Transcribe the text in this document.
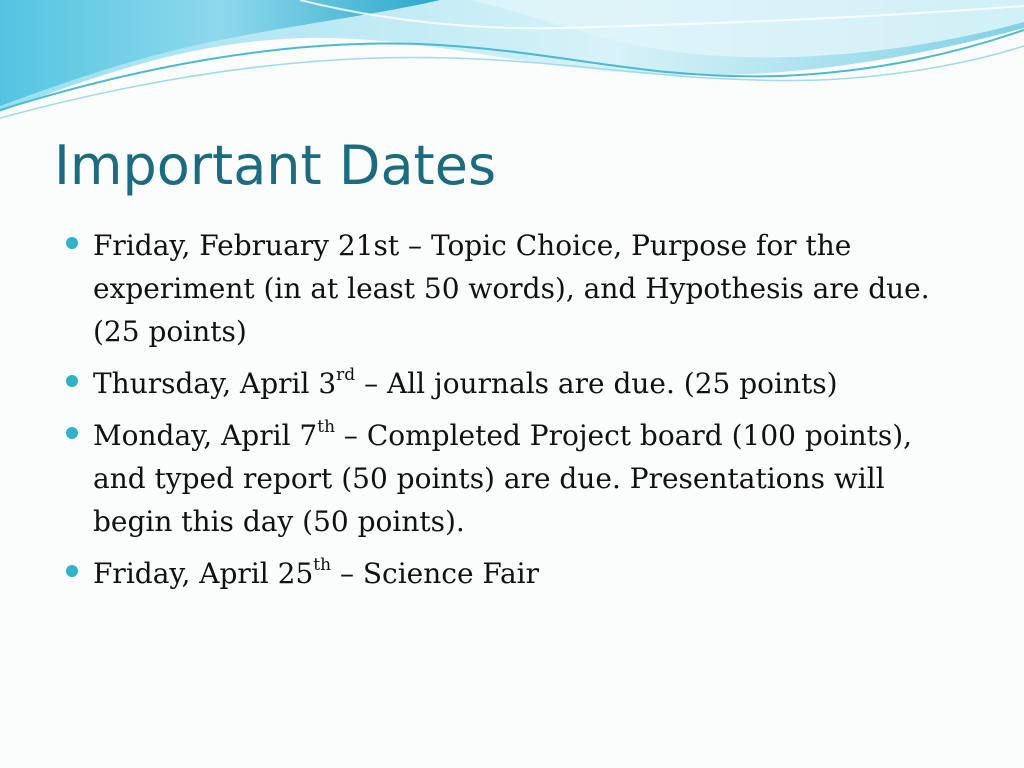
Important Dates
Friday, February 21st – Topic Choice, Purpose for the experiment (in at least 50 words), and Hypothesis are due. (25 points)
Thursday, April 3rd – All journals are due. (25 points)
Monday, April 7th – Completed Project board (100 points), and typed report (50 points) are due. Presentations will begin this day (50 points).
Friday, April 25th – Science Fair
